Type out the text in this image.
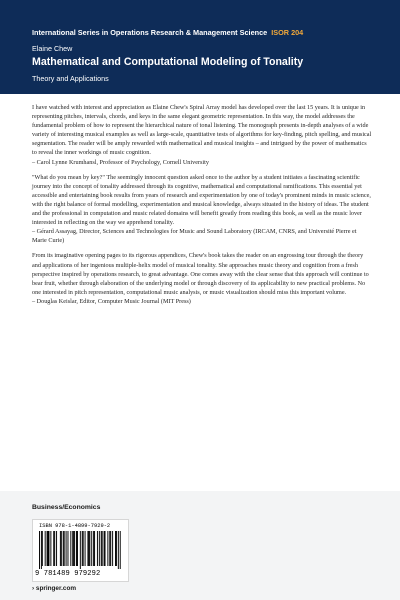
International Series in Operations Research & Management Science ISOR 204
Elaine Chew
Mathematical and Computational Modeling of Tonality
Theory and Applications

I have watched with interest and appreciation as Elaine Chew's Spiral Array model has developed over the last 15 years. It is unique in representing pitches, intervals, chords, and keys in the same elegant geometric representation. In this way, the model addresses the fundamental problem of how to represent the hierarchical nature of tonal listening. The monograph presents in-depth analyses of a wide variety of interesting musical examples as well as large-scale, quantitative tests of algorithms for key-finding, pitch spelling, and musical segmentation. The reader will be amply rewarded with mathematical and musical insights – and intrigued by the power of mathematics to reveal the inner workings of music cognition.

– Carol Lynne Krumhansl, Professor of Psychology, Cornell University

"What do you mean by key?" The seemingly innocent question asked once to the author by a student initiates a fascinating scientific journey into the concept of tonality addressed through its cognitive, mathematical and computational ramifications. This essential yet accessible and entertaining book results from years of research and experimentation by one of today's prominent minds in music science, with the right balance of formal modelling, experimentation and musical knowledge, always situated in the history of ideas. The student and the professional in computation and music related domains will benefit greatly from reading this book, as well as the music lover interested in reflecting on the way we apprehend tonality.

– Gérard Assayag, Director, Sciences and Technologies for Music and Sound Laboratory (IRCAM, CNRS, and Université Pierre et Marie Curie)

From its imaginative opening pages to its rigorous appendices, Chew's book takes the reader on an engrossing tour through the theory and applications of her ingenious multiple-helix model of musical tonality. She approaches music theory and cognition from a fresh perspective inspired by operations research, to great advantage. One comes away with the clear sense that this approach will continue to bear fruit, whether through elaboration of the underlying model or through discovery of its applicability to new practical problems. No one interested in pitch representation, computational music analysis, or music visualization should miss this important volume.

– Douglas Keislar, Editor, Computer Music Journal (MIT Press)

Business/Economics
ISBN 978-1-4899-7929-2
9 781489 979292
› springer.com
